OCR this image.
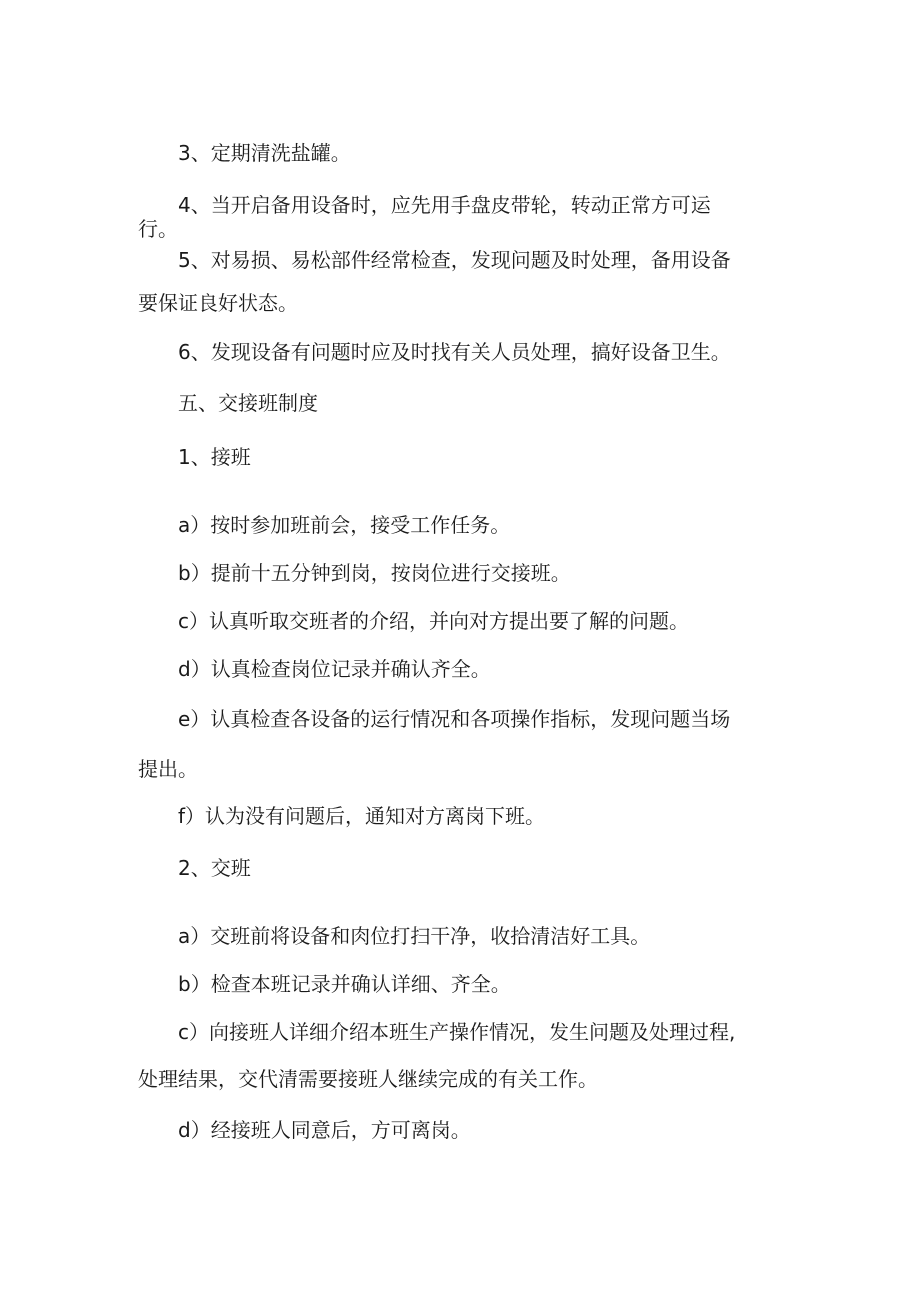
3、定期清洗盐罐。

4、当开启备用设备时，应先用手盘皮带轮，转动正常方可运
行。

5、对易损、易松部件经常检查，发现问题及时处理，备用设备
要保证良好状态。

6、发现设备有问题时应及时找有关人员处理，搞好设备卫生。

五、交接班制度

1、接班

a）按时参加班前会，接受工作任务。

b）提前十五分钟到岗，按岗位进行交接班。

c）认真听取交班者的介绍，并向对方提出要了解的问题。

d）认真检查岗位记录并确认齐全。

e）认真检查各设备的运行情况和各项操作指标，发现问题当场
提出。

f）认为没有问题后，通知对方离岗下班。

2、交班

a）交班前将设备和肉位打扫干净，收拾清洁好工具。

b）检查本班记录并确认详细、齐全。

c）向接班人详细介绍本班生产操作情况，发生问题及处理过程,
处理结果，交代清需要接班人继续完成的有关工作。

d）经接班人同意后，方可离岗。
